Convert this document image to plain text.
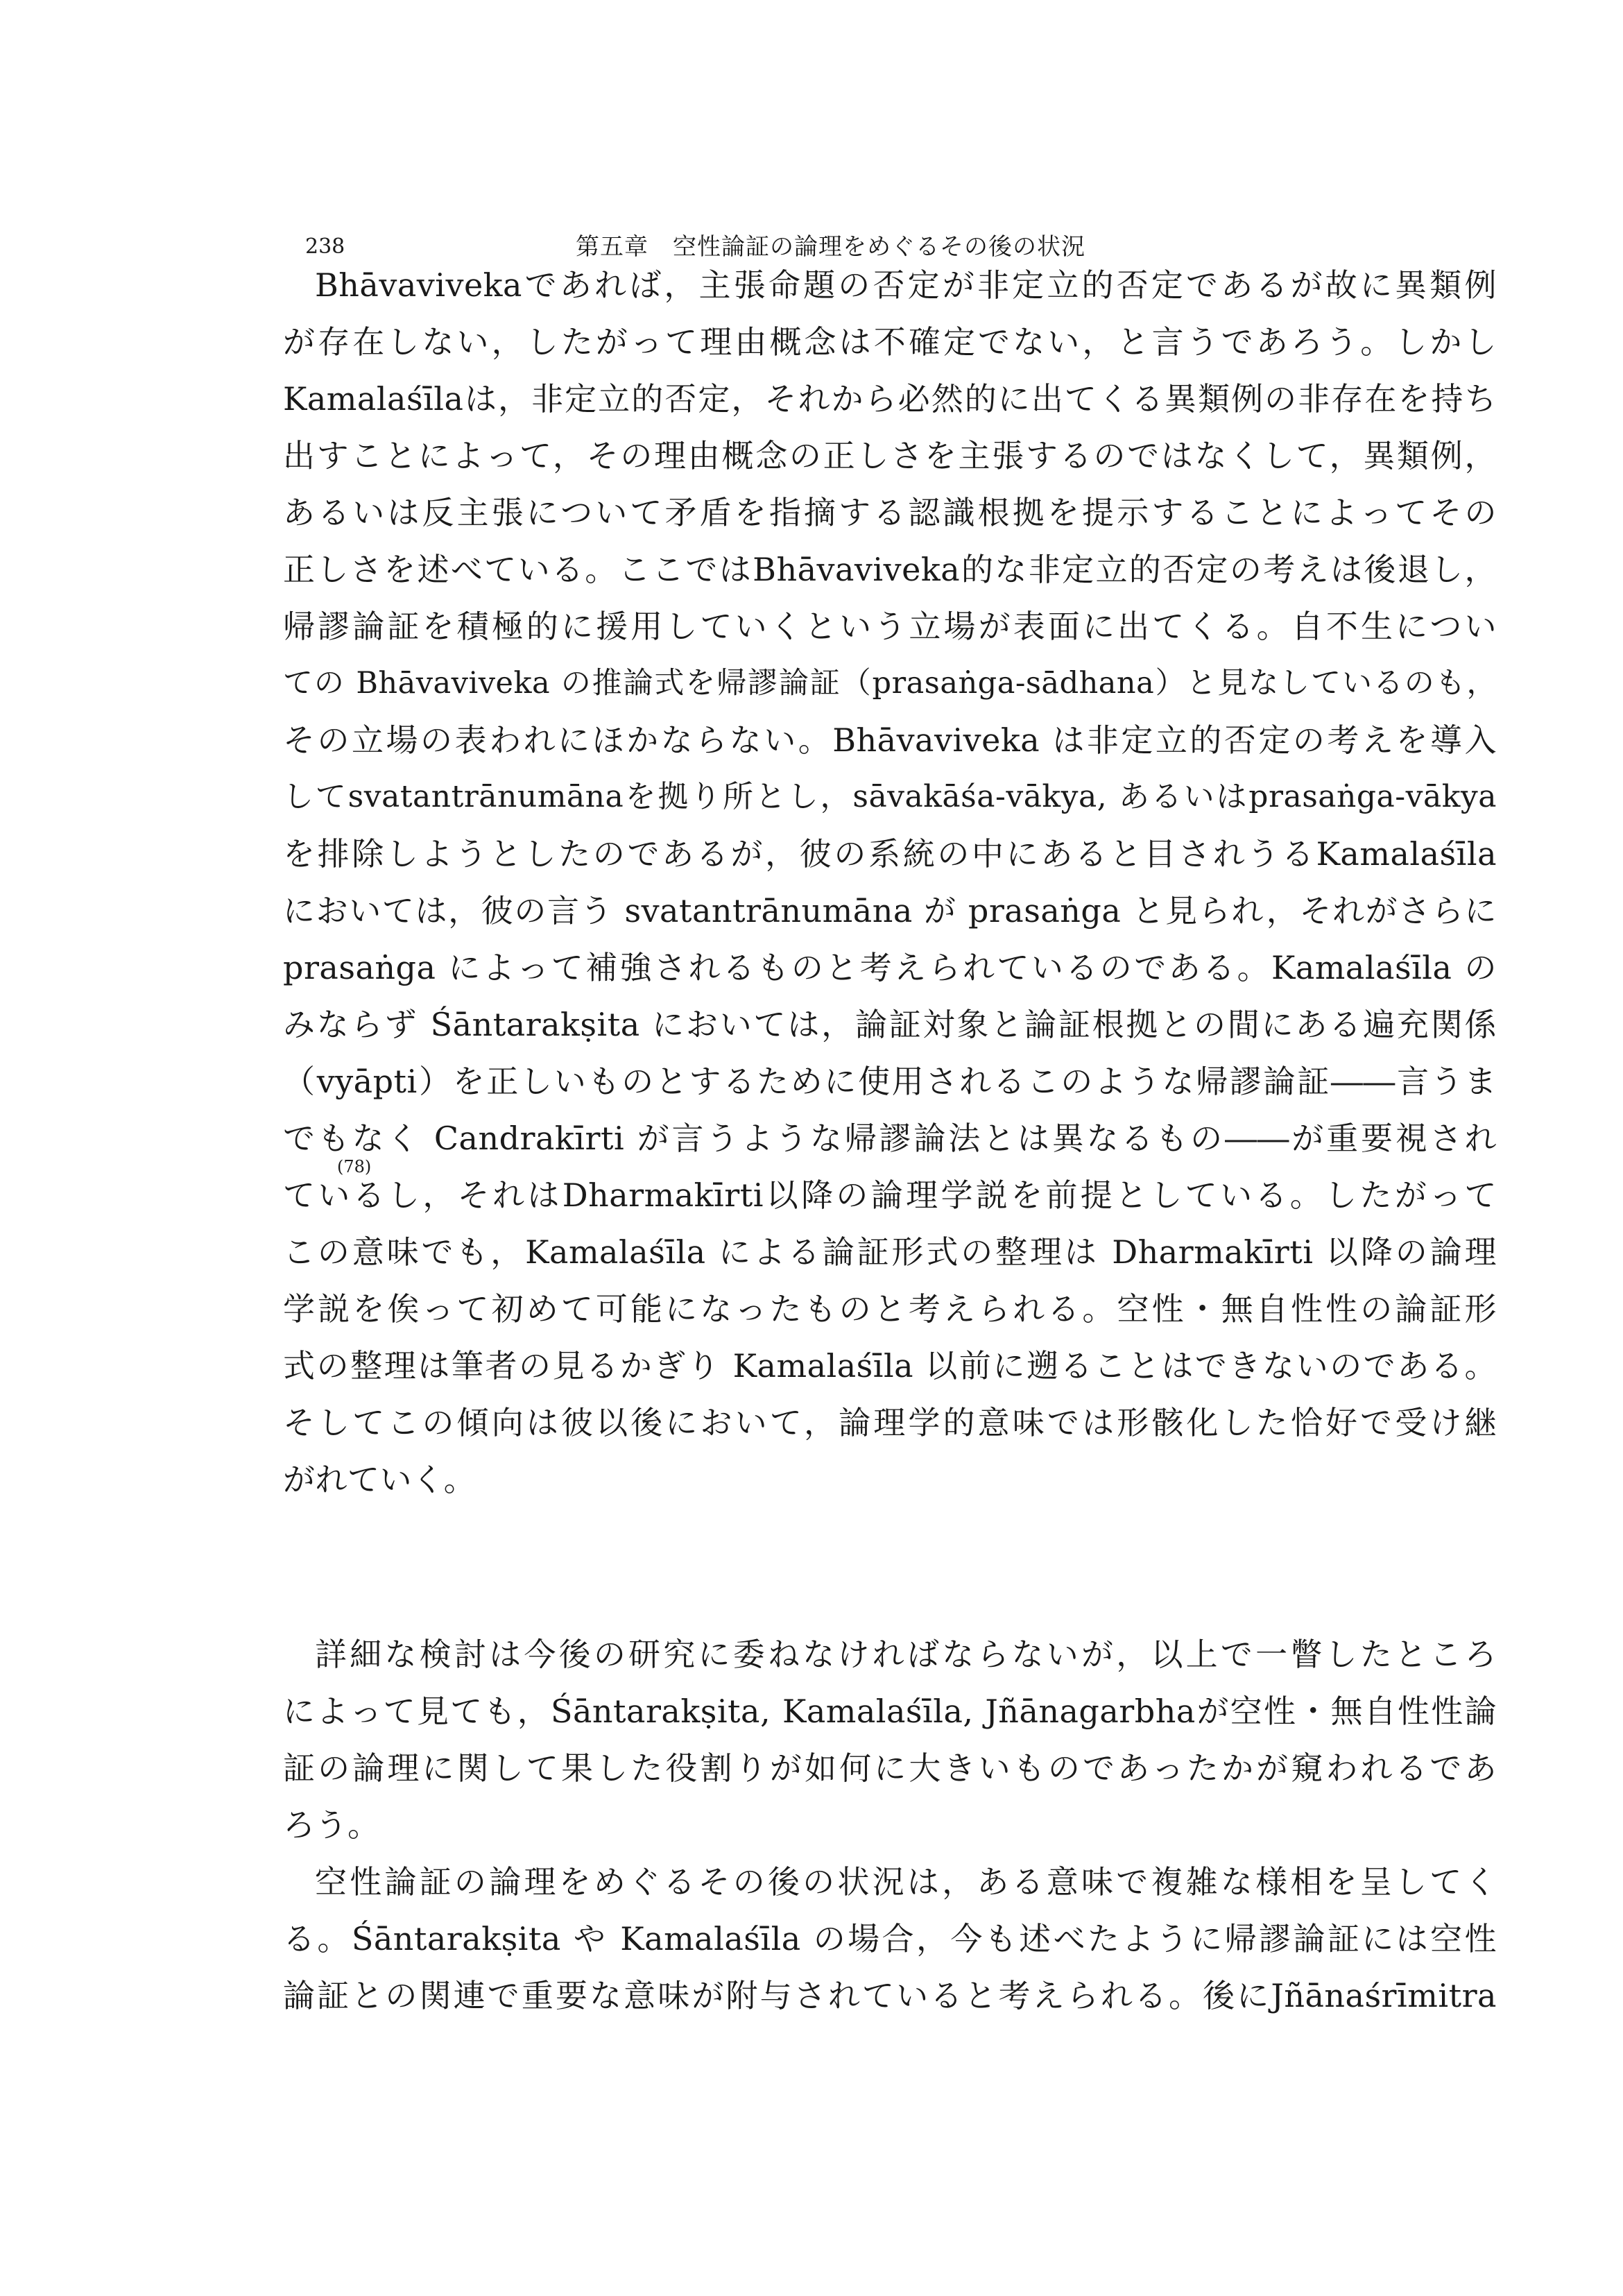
238	第五章　空性論証の論理をめぐるその後の状況
Bhāvavivekaであれば，主張命題の否定が非定立的否定であるが故に異類例
が存在しない，したがって理由概念は不確定でない，と言うであろう。しかし
Kamalaśīlaは，非定立的否定，それから必然的に出てくる異類例の非存在を持ち
出すことによって，その理由概念の正しさを主張するのではなくして，異類例，
あるいは反主張について矛盾を指摘する認識根拠を提示することによってその
正しさを述べている。ここではBhāvaviveka的な非定立的否定の考えは後退し，
帰謬論証を積極的に援用していくという立場が表面に出てくる。自不生につい
ての Bhāvaviveka の推論式を帰謬論証（prasaṅga-sādhana）と見なしているのも，
その立場の表われにほかならない。Bhāvaviveka は非定立的否定の考えを導入
してsvatantrānumānaを拠り所とし，sāvakāśa-vākya, あるいはprasaṅga-vākya
を排除しようとしたのであるが，彼の系統の中にあると目されうるKamalaśīla
においては，彼の言う svatantrānumāna が prasaṅga と見られ，それがさらに
prasaṅga によって補強されるものと考えられているのである。Kamalaśīla の
みならず Śāntarakṣita においては，論証対象と論証根拠との間にある遍充関係
（vyāpti）を正しいものとするために使用されるこのような帰謬論証――言うま
でもなく Candrakīrti が言うような帰謬論法とは異なるもの――が重要視され
(78)
ているし，それはDharmakīrti以降の論理学説を前提としている。したがって
この意味でも，Kamalaśīla による論証形式の整理は Dharmakīrti 以降の論理
学説を俟って初めて可能になったものと考えられる。空性・無自性性の論証形
式の整理は筆者の見るかぎり Kamalaśīla 以前に遡ることはできないのである。
そしてこの傾向は彼以後において，論理学的意味では形骸化した恰好で受け継
がれていく。
詳細な検討は今後の研究に委ねなければならないが，以上で一瞥したところ
によって見ても，Śāntarakṣita, Kamalaśīla, Jñānagarbhaが空性・無自性性論
証の論理に関して果した役割りが如何に大きいものであったかが窺われるであ
ろう。
空性論証の論理をめぐるその後の状況は，ある意味で複雑な様相を呈してく
る。Śāntarakṣita や Kamalaśīla の場合，今も述べたように帰謬論証には空性
論証との関連で重要な意味が附与されていると考えられる。後にJñānaśrīmitra
